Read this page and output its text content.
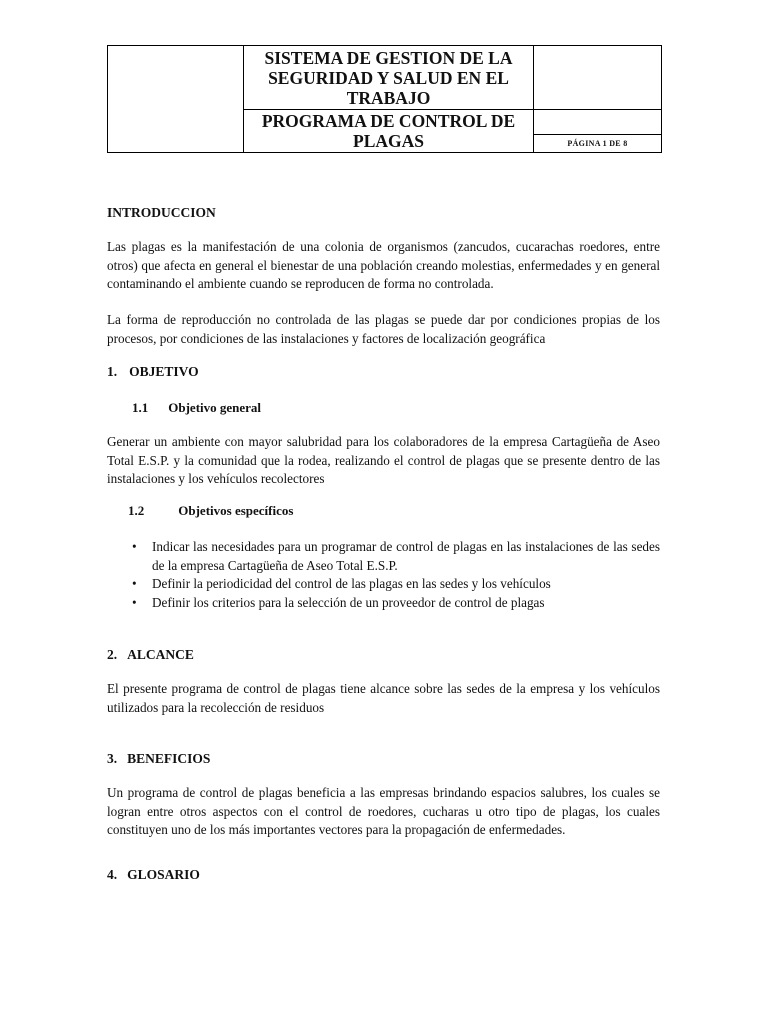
	SISTEMA DE GESTION DE LA
SEGURIDAD Y SALUD EN EL
TRABAJO	

	PROGRAMA DE CONTROL DE
PLAGAS	

		PÁGINA 1 DE 8
INTRODUCCION
Las plagas es la manifestación de una colonia de organismos (zancudos, cucarachas roedores, entre otros) que afecta en general el bienestar de una población creando molestias, enfermedades y en general contaminando el ambiente cuando se reproducen de forma no controlada.
La forma de reproducción no controlada de las plagas se puede dar por condiciones propias de los procesos, por condiciones de las instalaciones y factores de localización geográfica
1. OBJETIVO
1.1 Objetivo general
Generar un ambiente con mayor salubridad para los colaboradores de la empresa Cartagüeña de Aseo Total E.S.P. y la comunidad que la rodea, realizando el control de plagas que se presente dentro de las instalaciones y los vehículos recolectores
1.2	Objetivos específicos
• Indicar las necesidades para un programar de control de plagas en las instalaciones de las sedes de la empresa Cartagüeña de Aseo Total E.S.P.
• Definir la periodicidad del control de las plagas en las sedes y los vehículos
• Definir los criterios para la selección de un proveedor de control de plagas
2. ALCANCE
El presente programa de control de plagas tiene alcance sobre las sedes de la empresa y los vehículos utilizados para la recolección de residuos
3. BENEFICIOS
Un programa de control de plagas beneficia a las empresas brindando espacios salubres, los cuales se logran entre otros aspectos con el control de roedores, cucharas u otro tipo de plagas, los cuales constituyen uno de los más importantes vectores para la propagación de enfermedades.
4. GLOSARIO
